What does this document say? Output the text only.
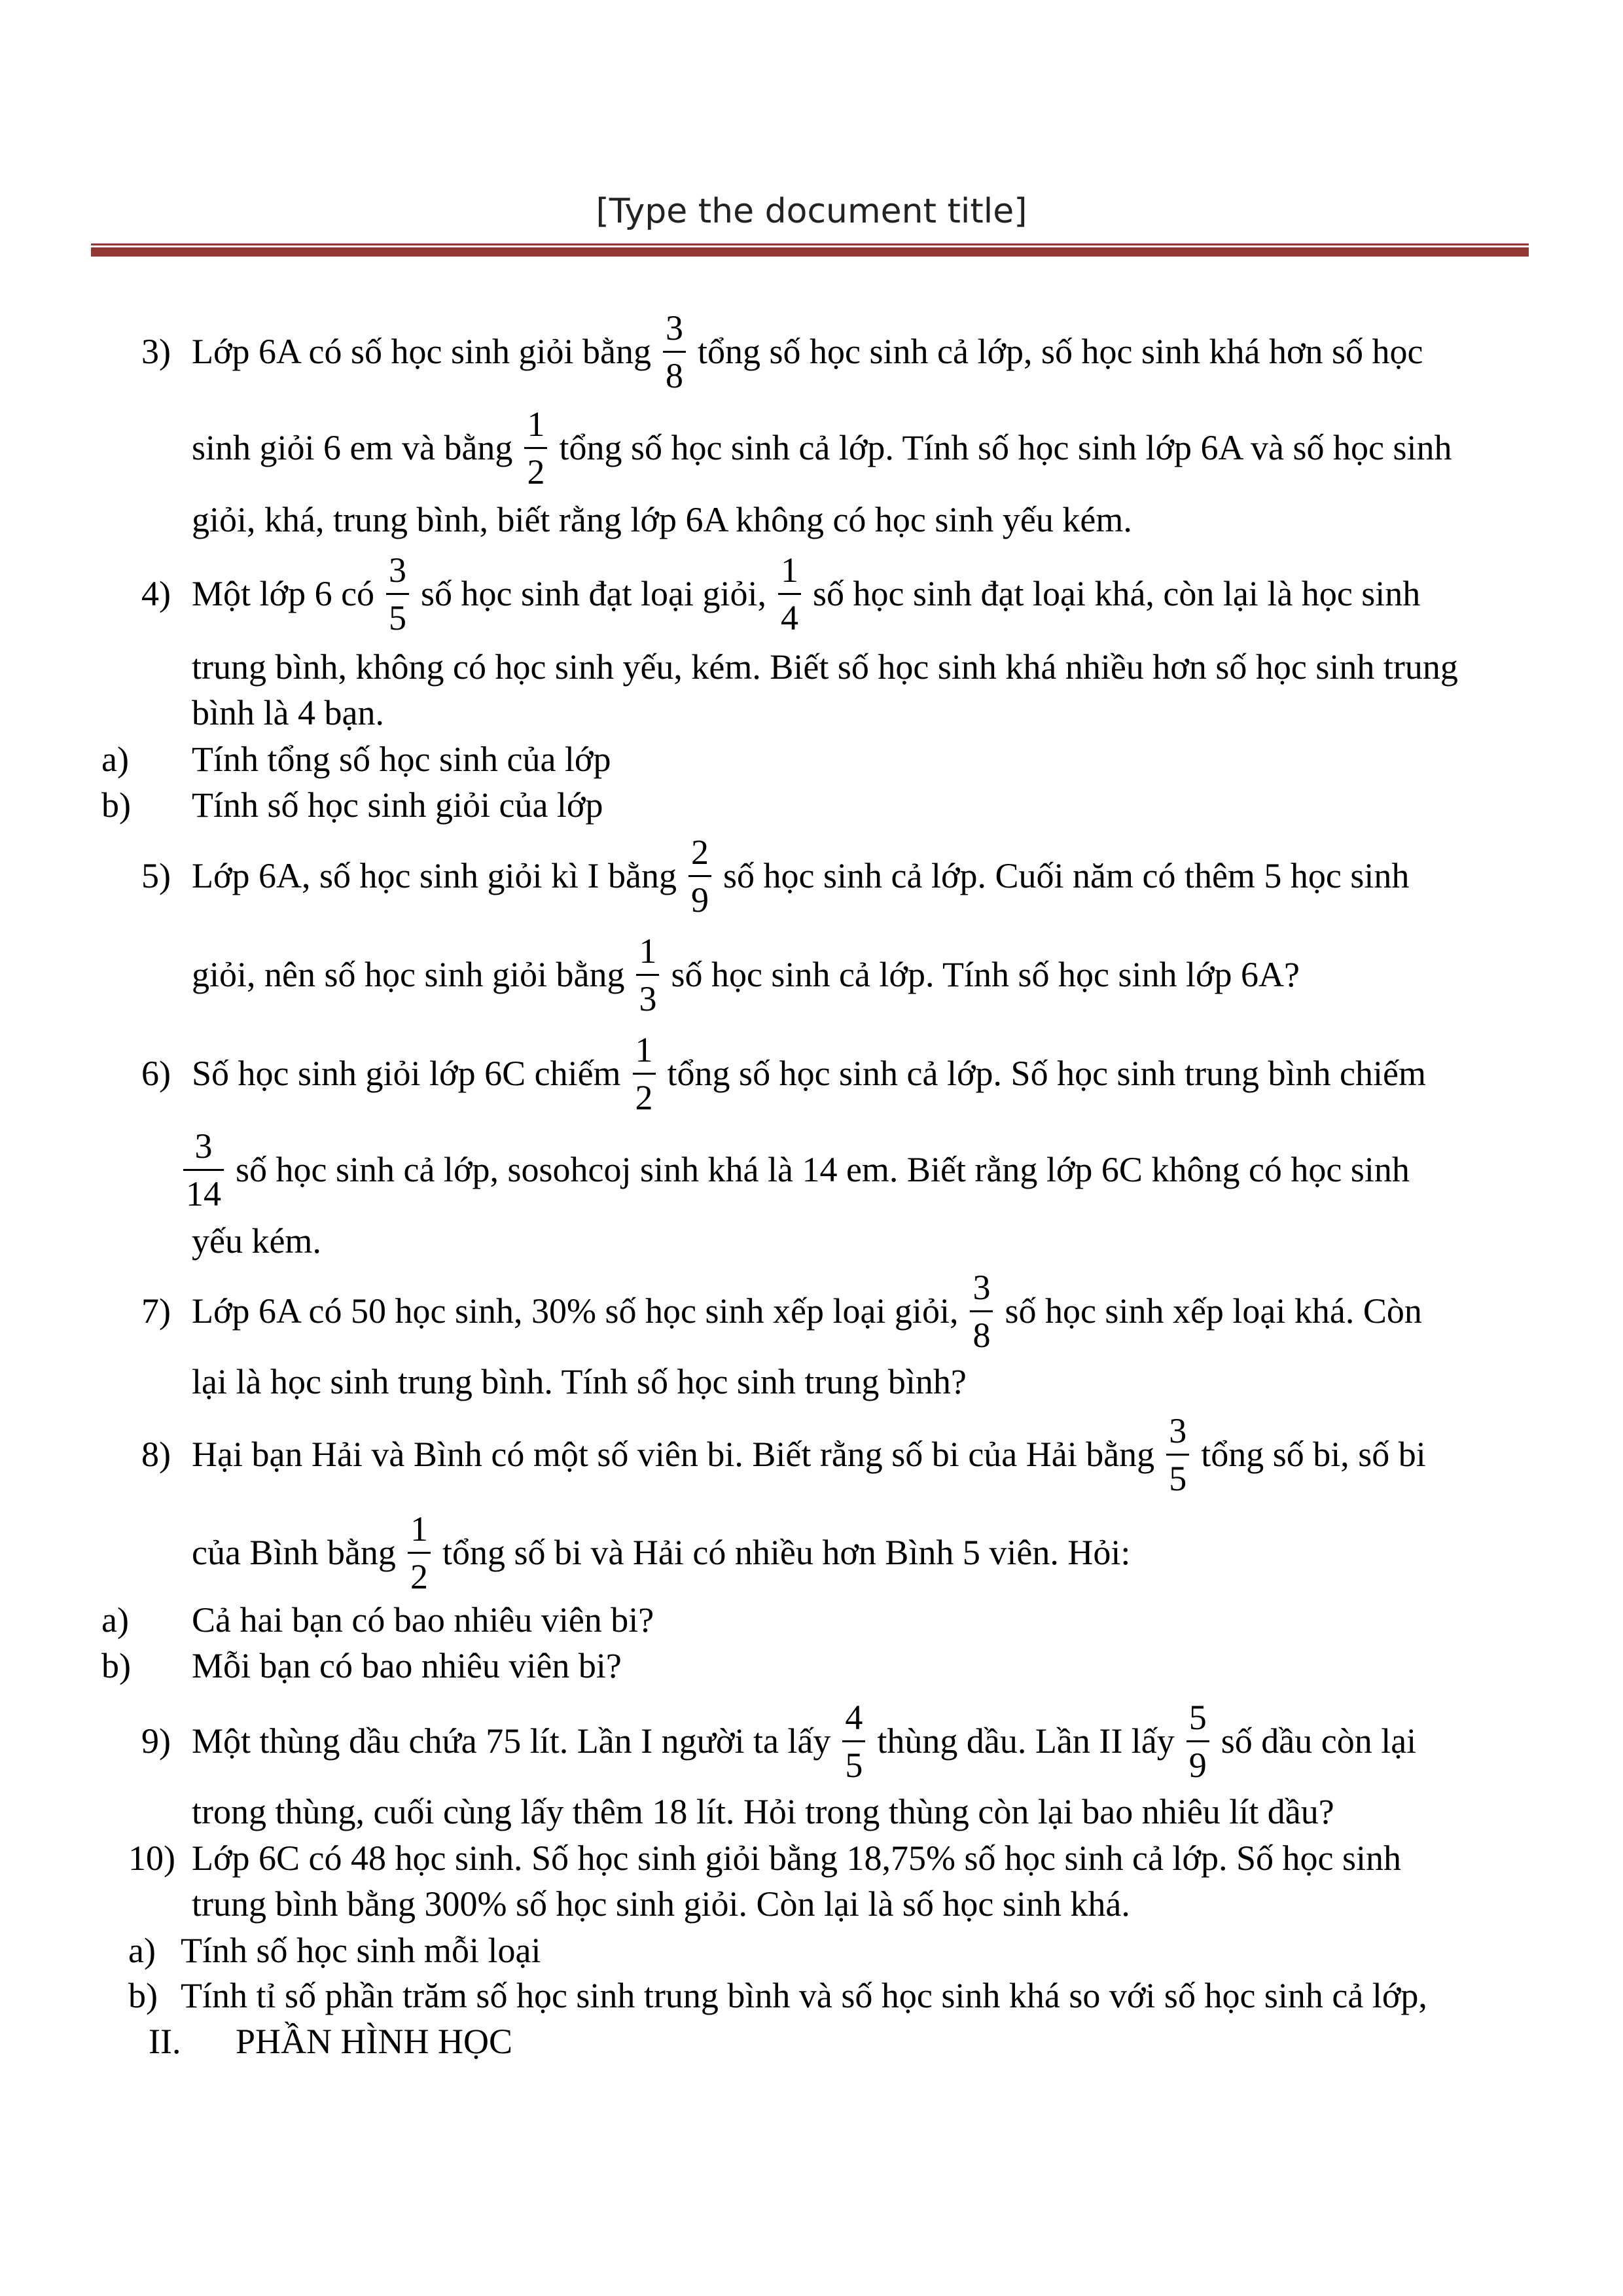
[Type the document title]
3) Lớp 6A có số học sinh giỏi bằng $\frac{3}{8}$ tổng số học sinh cả lớp, số học sinh khá hơn số học
sinh giỏi 6 em và bằng $\frac{1}{2}$ tổng số học sinh cả lớp. Tính số học sinh lớp 6A và số học sinh
giỏi, khá, trung bình, biết rằng lớp 6A không có học sinh yếu kém.
4) Một lớp 6 có $\frac{3}{5}$ số học sinh đạt loại giỏi, $\frac{1}{4}$ số học sinh đạt loại khá, còn lại là học sinh
trung bình, không có học sinh yếu, kém. Biết số học sinh khá nhiều hơn số học sinh trung
bình là 4 bạn.
a) Tính tổng số học sinh của lớp
b) Tính số học sinh giỏi của lớp
5) Lớp 6A, số học sinh giỏi kì I bằng $\frac{2}{9}$ số học sinh cả lớp. Cuối năm có thêm 5 học sinh
giỏi, nên số học sinh giỏi bằng $\frac{1}{3}$ số học sinh cả lớp. Tính số học sinh lớp 6A?
6) Số học sinh giỏi lớp 6C chiếm $\frac{1}{2}$ tổng số học sinh cả lớp. Số học sinh trung bình chiếm
$\frac{3}{14}$ số học sinh cả lớp, sosohcoj sinh khá là 14 em. Biết rằng lớp 6C không có học sinh
yếu kém.
7) Lớp 6A có 50 học sinh, 30% số học sinh xếp loại giỏi, $\frac{3}{8}$ số học sinh xếp loại khá. Còn
lại là học sinh trung bình. Tính số học sinh trung bình?
8) Hại bạn Hải và Bình có một số viên bi. Biết rằng số bi của Hải bằng $\frac{3}{5}$ tổng số bi, số bi
của Bình bằng $\frac{1}{2}$ tổng số bi và Hải có nhiều hơn Bình 5 viên. Hỏi:
a) Cả hai bạn có bao nhiêu viên bi?
b) Mỗi bạn có bao nhiêu viên bi?
9) Một thùng dầu chứa 75 lít. Lần I người ta lấy $\frac{4}{5}$ thùng dầu. Lần II lấy $\frac{5}{9}$ số dầu còn lại
trong thùng, cuối cùng lấy thêm 18 lít. Hỏi trong thùng còn lại bao nhiêu lít dầu?
10) Lớp 6C có 48 học sinh. Số học sinh giỏi bằng 18,75% số học sinh cả lớp. Số học sinh
trung bình bằng 300% số học sinh giỏi. Còn lại là số học sinh khá.
a) Tính số học sinh mỗi loại
b) Tính tỉ số phần trăm số học sinh trung bình và số học sinh khá so với số học sinh cả lớp,
II. PHẦN HÌNH HỌC
